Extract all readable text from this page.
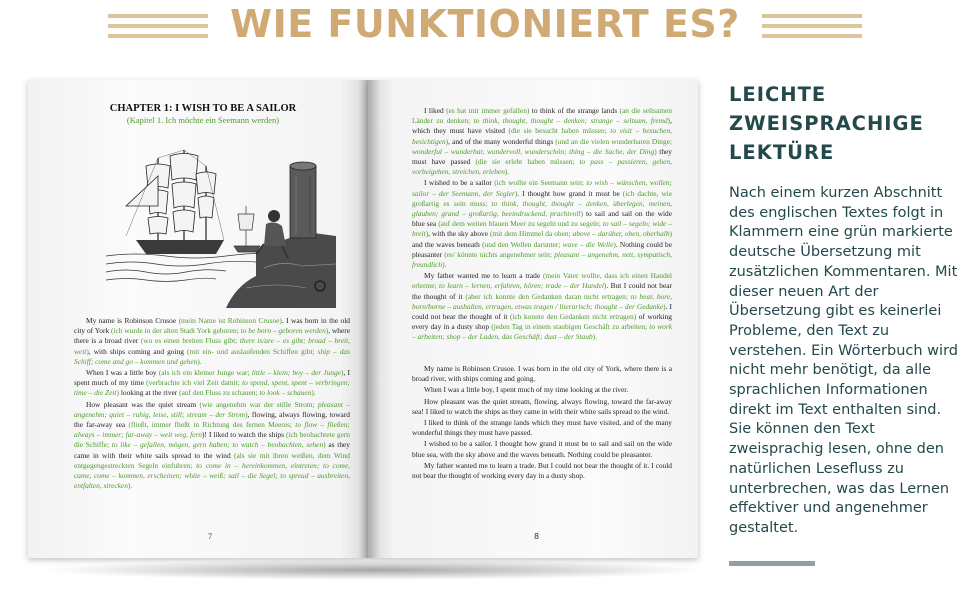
WIE FUNKTIONIERT ES?
CHAPTER 1: I WISH TO BE A SAILOR
(Kapitel 1. Ich möchte ein Seemann werden)

My name is Robinson Crusoe (mein Name ist Robinson Crusoe). I was born in the old city of York (ich wurde in der alten Stadt York geboren; to be born – geboren werden), where there is a broad river (wo es einen breiten Fluss gibt; there is/are – es gibt; broad – breit, weit), with ships coming and going (mit ein- und auslaufenden Schiffen gibt; ship – das Schiff; come and go – kommen und gehen).

When I was a little boy (als ich ein kleiner Junge war; little – klein; boy – der Junge), I spent much of my time (verbrachte ich viel Zeit damit; to spend, spent, spent – verbringen; time – die Zeit) looking at the river (auf den Fluss zu schauen; to look – schauen).

How pleasant was the quiet stream (wie angenehm war der stille Strom; pleasant – angenehm; quiet – ruhig, leise, still; stream – der Strom), flowing, always flowing, toward the far-away sea (fließt, immer fließt in Richtung des fernen Meeres; to flow – fließen; always – immer; far-away – weit weg, fern)! I liked to watch the ships (ich beobachtete gern die Schiffe; to like – gefallen, mögen, gern haben; to watch – beobachten, sehen) as they came in with their white sails spread to the wind (als sie mit ihren weißen, dem Wind entgegengestreckten Segeln einfuhren; to come in – hereinkommen, eintreten; to come, came, come – kommen, erscheinen; white – weiß; sail – die Segel; to spread – ausbreiten, entfalten, strecken).

7

I liked (es hat mir immer gefallen) to think of the strange lands (an die seltsamen Länder zu denken; to think, thought, thought – denken; strange – seltsam, fremd), which they must have visited (die sie besucht haben müssen; to visit – besuchen, besichtigen), and of the many wonderful things (und an die vielen wunderbaren Dinge; wonderful – wunderbar, wundervoll, wunderschön; thing – die Sache, der Ding) they must have passed (die sie erlebt haben müssen; to pass – passieren, gehen, vorbeigehen, streichen, erleben).

I wished to be a sailor (ich wollte ein Seemann sein; to wish – wünschen, wollen; sailor – der Seemann, der Segler). I thought how grand it must be (ich dachte, wie großartig es sein muss; to think, thought, thought – denken, überlegen, meinen, glauben; grand – großartig, beeindruckend, prachtvoll) to sail and sail on the wide blue sea (auf dem weiten blauen Meer zu segeln und zu segeln; to sail – segeln; wide – breit), with the sky above (mit dem Himmel da oben; above – darüber, oben, oberhalb) and the waves beneath (und den Wellen darunter; wave – die Welle). Nothing could be pleasanter (es/ könnte nichts angenehmer sein; pleasant – angenehm, nett, sympatisch, freundlich).

My father wanted me to learn a trade (mein Vater wollte, dass ich einen Handel erlernte; to learn – lernen, erfahren, hören; trade – der Handel). But I could not bear the thought of it (aber ich konnte den Gedanken daran nicht ertragen; to bear, bore, born/borne – aushalten, ertragen, etwas tragen / literarisch; thought – der Gedanke). I could not bear the thought of it (ich konnte den Gedanken nicht ertragen) of working every day in a dusty shop (jeden Tag in einem staubigen Geschäft zu arbeiten; to work – arbeiten; shop – der Laden, das Geschäft; dust – der Staub).

My name is Robinson Crusoe. I was born in the old city of York, where there is a broad river, with ships coming and going.

When I was a little boy, I spent much of my time looking at the river.

How pleasant was the quiet stream, flowing, always flowing, toward the far-away sea! I liked to watch the ships as they came in with their white sails spread to the wind.

I liked to think of the strange lands which they must have visited, and of the many wonderful things they must have passed.

I wished to be a sailor. I thought how grand it must be to sail and sail on the wide blue sea, with the sky above and the waves beneath. Nothing could be pleasanter.

My father wanted me to learn a trade. But I could not bear the thought of it. I could not bear the thought of working every day in a dusty shop.

8
LEICHTE ZWEISPRACHIGE LEKTÜRE
Nach einem kurzen Abschnitt des englischen Textes folgt in Klammern eine grün markierte deutsche Übersetzung mit zusätzlichen Kommentaren. Mit dieser neuen Art der Übersetzung gibt es keinerlei Probleme, den Text zu verstehen. Ein Wörterbuch wird nicht mehr benötigt, da alle sprachlichen Informationen direkt im Text enthalten sind. Sie können den Text zweisprachig lesen, ohne den natürlichen Lesefluss zu unterbrechen, was das Lernen effektiver und angenehmer gestaltet.
